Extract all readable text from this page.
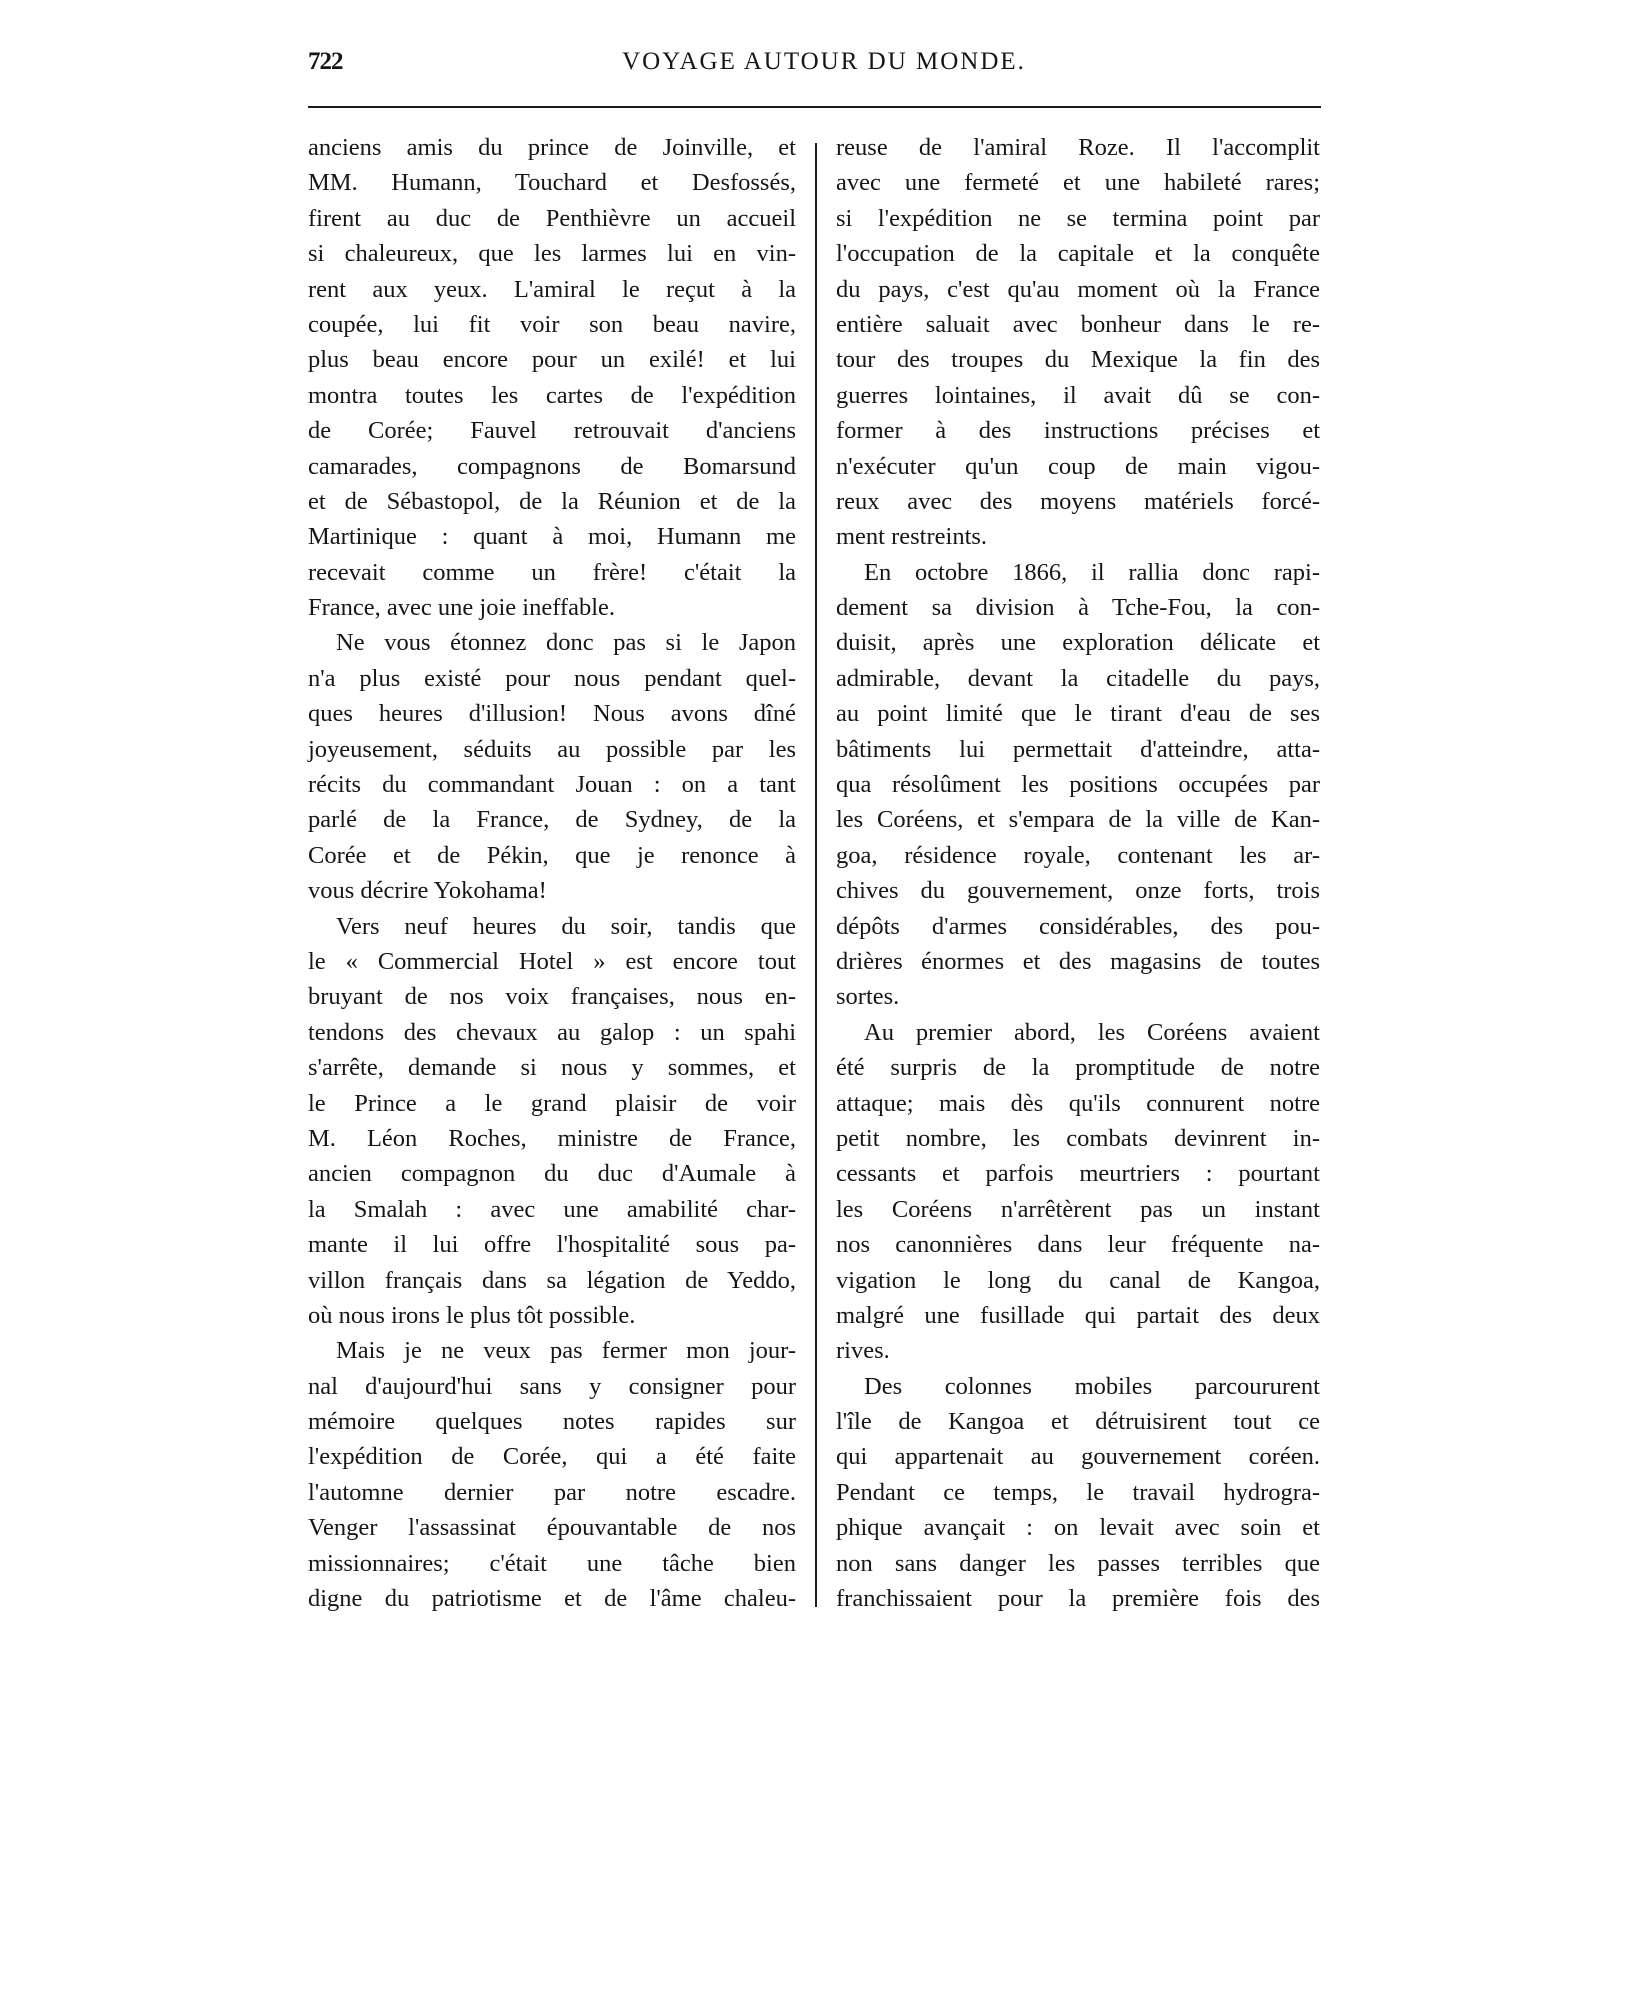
722	VOYAGE AUTOUR DU MONDE.
anciens amis du prince de Joinville, et
MM. Humann, Touchard et Desfossés,
firent au duc de Penthièvre un accueil
si chaleureux, que les larmes lui en vin-
rent aux yeux. L'amiral le reçut à la
coupée, lui fit voir son beau navire,
plus beau encore pour un exilé! et lui
montra toutes les cartes de l'expédition
de Corée; Fauvel retrouvait d'anciens
camarades, compagnons de Bomarsund
et de Sébastopol, de la Réunion et de la
Martinique : quant à moi, Humann me
recevait comme un frère! c'était la
France, avec une joie ineffable.
Ne vous étonnez donc pas si le Japon
n'a plus existé pour nous pendant quel-
ques heures d'illusion! Nous avons dîné
joyeusement, séduits au possible par les
récits du commandant Jouan : on a tant
parlé de la France, de Sydney, de la
Corée et de Pékin, que je renonce à
vous décrire Yokohama!
Vers neuf heures du soir, tandis que
le « Commercial Hotel » est encore tout
bruyant de nos voix françaises, nous en-
tendons des chevaux au galop : un spahi
s'arrête, demande si nous y sommes, et
le Prince a le grand plaisir de voir
M. Léon Roches, ministre de France,
ancien compagnon du duc d'Aumale à
la Smalah : avec une amabilité char-
mante il lui offre l'hospitalité sous pa-
villon français dans sa légation de Yeddo,
où nous irons le plus tôt possible.
Mais je ne veux pas fermer mon jour-
nal d'aujourd'hui sans y consigner pour
mémoire quelques notes rapides sur
l'expédition de Corée, qui a été faite
l'automne dernier par notre escadre.
Venger l'assassinat épouvantable de nos
missionnaires; c'était une tâche bien
digne du patriotisme et de l'âme chaleu-
reuse de l'amiral Roze. Il l'accomplit
avec une fermeté et une habileté rares;
si l'expédition ne se termina point par
l'occupation de la capitale et la conquête
du pays, c'est qu'au moment où la France
entière saluait avec bonheur dans le re-
tour des troupes du Mexique la fin des
guerres lointaines, il avait dû se con-
former à des instructions précises et
n'exécuter qu'un coup de main vigou-
reux avec des moyens matériels forcé-
ment restreints.
En octobre 1866, il rallia donc rapi-
dement sa division à Tche-Fou, la con-
duisit, après une exploration délicate et
admirable, devant la citadelle du pays,
au point limité que le tirant d'eau de ses
bâtiments lui permettait d'atteindre, atta-
qua résolûment les positions occupées par
les Coréens, et s'empara de la ville de Kan-
goa, résidence royale, contenant les ar-
chives du gouvernement, onze forts, trois
dépôts d'armes considérables, des pou-
drières énormes et des magasins de toutes
sortes.
Au premier abord, les Coréens avaient
été surpris de la promptitude de notre
attaque; mais dès qu'ils connurent notre
petit nombre, les combats devinrent in-
cessants et parfois meurtriers : pourtant
les Coréens n'arrêtèrent pas un instant
nos canonnières dans leur fréquente na-
vigation le long du canal de Kangoa,
malgré une fusillade qui partait des deux
rives.
Des colonnes mobiles parcoururent
l'île de Kangoa et détruisirent tout ce
qui appartenait au gouvernement coréen.
Pendant ce temps, le travail hydrogra-
phique avançait : on levait avec soin et
non sans danger les passes terribles que
franchissaient pour la première fois des
